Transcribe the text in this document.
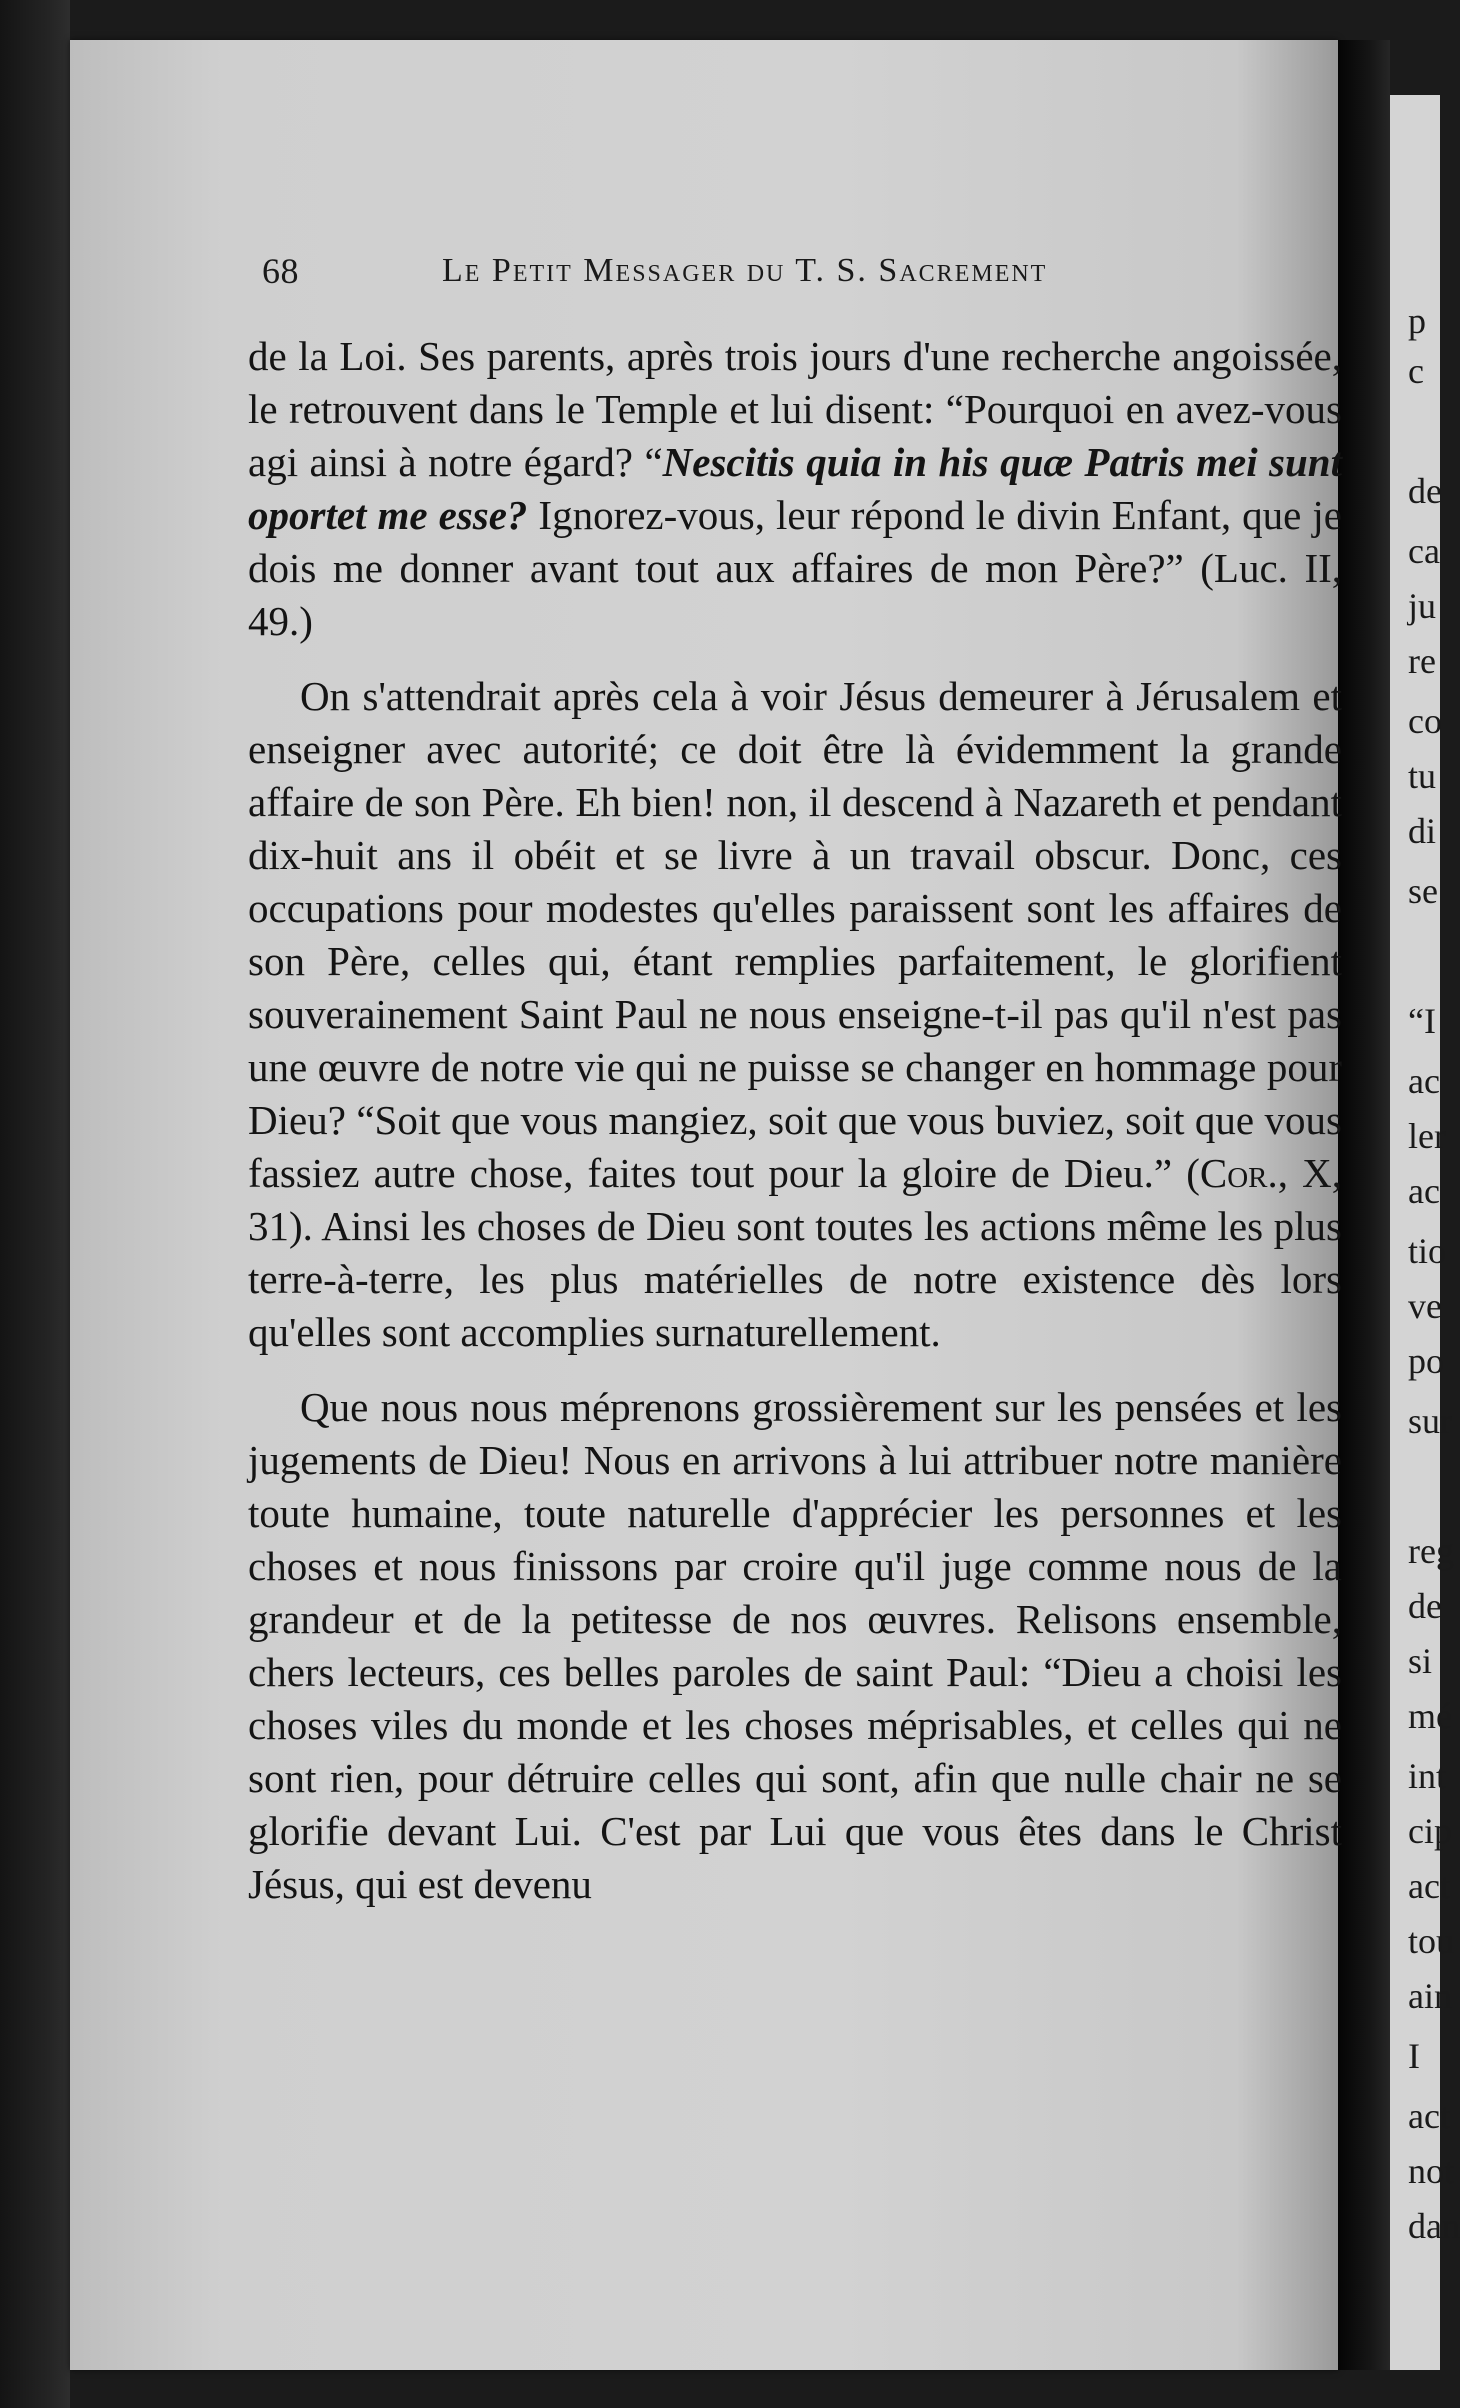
p
c
de
ca
ju
re
co
tu
di
se
“I
ac
ler
ac
tio
ve
po
sur
reg
de
si
mé
int
cip
act
tou
ain
I
act
not
dan
68	Le Petit Messager du T. S. Sacrement

de la Loi. Ses parents, après trois jours d'une recherche angoissée, le retrouvent dans le Temple et lui disent: “Pourquoi en avez-vous agi ainsi à notre égard? “Nescitis quia in his quæ Patris mei sunt oportet me esse? Ignorez-vous, leur répond le divin Enfant, que je dois me donner avant tout aux affaires de mon Père?” (Luc. II, 49.)

On s'attendrait après cela à voir Jésus demeurer à Jérusalem et enseigner avec autorité; ce doit être là évidemment la grande affaire de son Père. Eh bien! non, il descend à Nazareth et pendant dix-huit ans il obéit et se livre à un travail obscur. Donc, ces occupations pour modestes qu'elles paraissent sont les affaires de son Père, celles qui, étant remplies parfaitement, le glorifient souverainement Saint Paul ne nous enseigne-t-il pas qu'il n'est pas une œuvre de notre vie qui ne puisse se changer en hommage pour Dieu? “Soit que vous mangiez, soit que vous buviez, soit que vous fassiez autre chose, faites tout pour la gloire de Dieu.” (Cor., X, 31). Ainsi les choses de Dieu sont toutes les actions même les plus terre-à-terre, les plus matérielles de notre existence dès lors qu'elles sont accomplies surnaturellement.

Que nous nous méprenons grossièrement sur les pensées et les jugements de Dieu! Nous en arrivons à lui attribuer notre manière toute humaine, toute naturelle d'apprécier les personnes et les choses et nous finissons par croire qu'il juge comme nous de la grandeur et de la petitesse de nos œuvres. Relisons ensemble, chers lecteurs, ces belles paroles de saint Paul: “Dieu a choisi les choses viles du monde et les choses méprisables, et celles qui ne sont rien, pour détruire celles qui sont, afin que nulle chair ne se glorifie devant Lui. C'est par Lui que vous êtes dans le Christ Jésus, qui est devenu
